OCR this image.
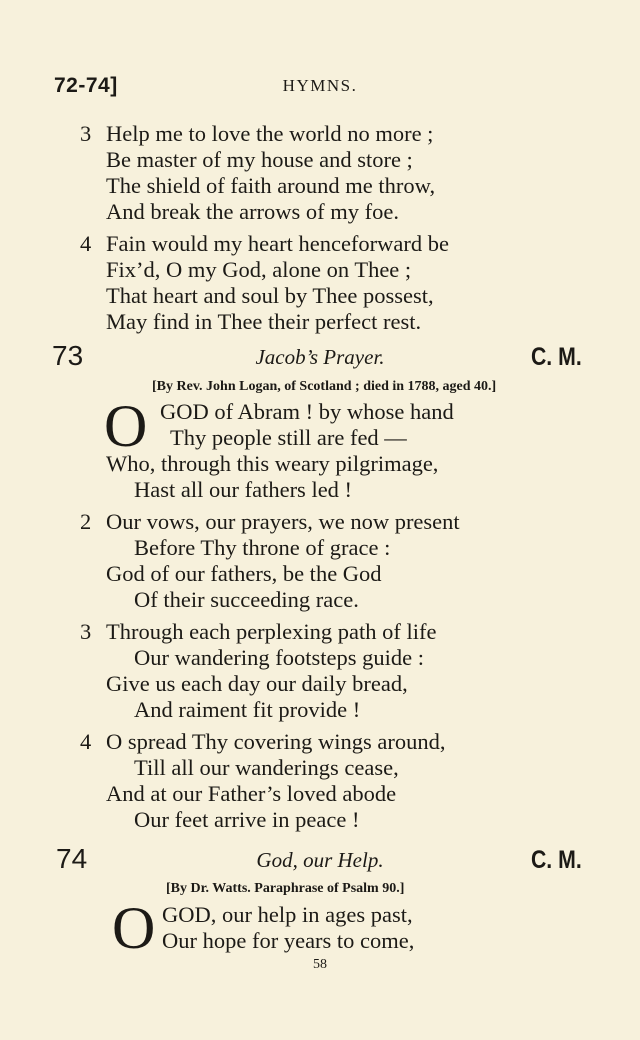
72-74]	HYMNS.
3 Help me to love the world no more ;
Be master of my house and store ;
The shield of faith around me throw,
And break the arrows of my foe.
4 Fain would my heart henceforward be
Fix’d, O my God, alone on Thee ;
That heart and soul by Thee possest,
May find in Thee their perfect rest.
73	Jacob’s Prayer.	C. M.
[By Rev. John Logan, of Scotland ; died in 1788, aged 40.]
O GOD of Abram ! by whose hand
Thy people still are fed —
Who, through this weary pilgrimage,
Hast all our fathers led !
2 Our vows, our prayers, we now present
Before Thy throne of grace :
God of our fathers, be the God
Of their succeeding race.
3 Through each perplexing path of life
Our wandering footsteps guide :
Give us each day our daily bread,
And raiment fit provide !
4 O spread Thy covering wings around,
Till all our wanderings cease,
And at our Father’s loved abode
Our feet arrive in peace !
74	God, our Help.	C. M.
[By Dr. Watts. Paraphrase of Psalm 90.]
O GOD, our help in ages past,
Our hope for years to come,
58
